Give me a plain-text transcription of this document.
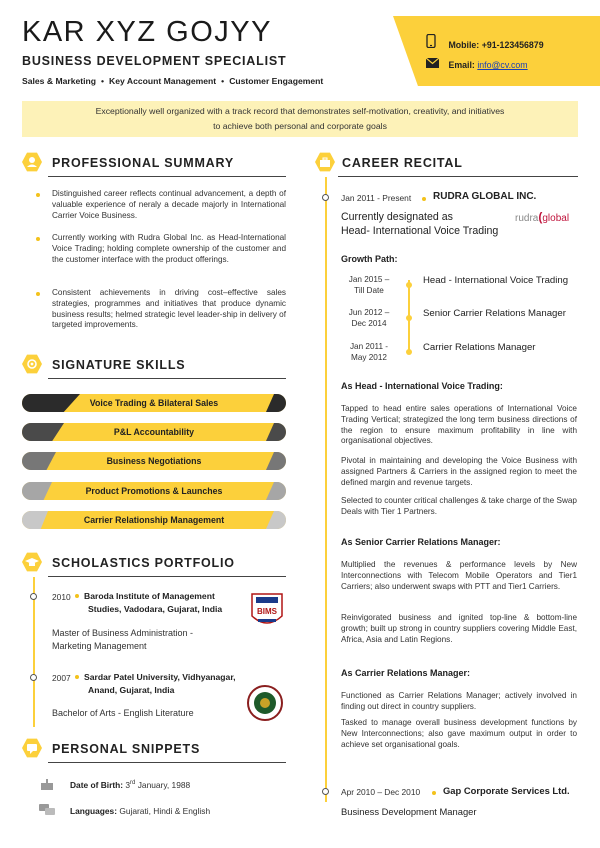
KAR XYZ GOJYY
BUSINESS DEVELOPMENT SPECIALIST
Sales & Marketing • Key Account Management • Customer Engagement
Mobile: +91-123456879
Email: info@cv.com
Exceptionally well organized with a track record that demonstrates self-motivation, creativity, and initiatives
to achieve both personal and corporate goals
PROFESSIONAL SUMMARY
Distinguished career reflects continual advancement, a depth of valuable experience of neraly a decade majorly in International Carrier Voice Business.
Currently working with Rudra Global Inc. as Head-International Voice Trading; holding complete ownership of the customer and the customer interface with the product offerings.
Consistent achievements in driving cost–effective sales strategies, programmes and initiatives that produce dynamic business results; helmed strategic level leader-ship in delivery of targeted improvements.
SIGNATURE SKILLS
Voice Trading & Bilateral Sales
P&L Accountability
Business Negotiations
Product Promotions & Launches
Carrier Relationship Management
SCHOLASTICS PORTFOLIO
2010	Baroda Institute of Management
Studies, Vadodara, Gujarat, India
Master of Business Administration -
Marketing Management
BIMS
2007	Sardar Patel University, Vidhyanagar,
Anand, Gujarat, India
Bachelor of Arts - English Literature
PERSONAL SNIPPETS
Date of Birth: 3rd January, 1988
Languages: Gujarati, Hindi & English
CAREER RECITAL
Jan 2011 - Present RUDRA GLOBAL INC.
Currently designated as
Head- International Voice Trading
rudra(global
Growth Path:
Jan 2015 –
Till Date
Head - International Voice Trading
Jun 2012 –
Dec 2014
Senior Carrier Relations Manager
Jan 2011 -
May 2012
Carrier Relations Manager
As Head - International Voice Trading:
Tapped to head entire sales operations of International Voice Trading Vertical; strategized the long term business directions of the region to ensure maximum profitability in line with organisational objectives.
Pivotal in maintaining and developing the Voice Business with assigned Partners & Carriers in the assigned region to meet the defined margin and revenue targets.
Selected to counter critical challenges & take charge of the Swap Deals with Tier 1 Partners.
As Senior Carrier Relations Manager:
Multiplied the revenues & performance levels by New Interconnections with Telecom Mobile Operators and Tier1 Carriers; also underwent swaps with PTT and Tier1 Carriers.
Reinvigorated business and ignited top-line & bottom-line growth; built up strong in country suppliers covering Middle East, Africa, Asia and Latin Regions.
As Carrier Relations Manager:
Functioned as Carrier Relations Manager; actively involved in finding out direct in country suppliers.
Tasked to manage overall business development functions by New Interconnections; also gave maximum output in order to achieve set organisational goals.
Apr 2010 – Dec 2010 Gap Corporate Services Ltd.
Business Development Manager
